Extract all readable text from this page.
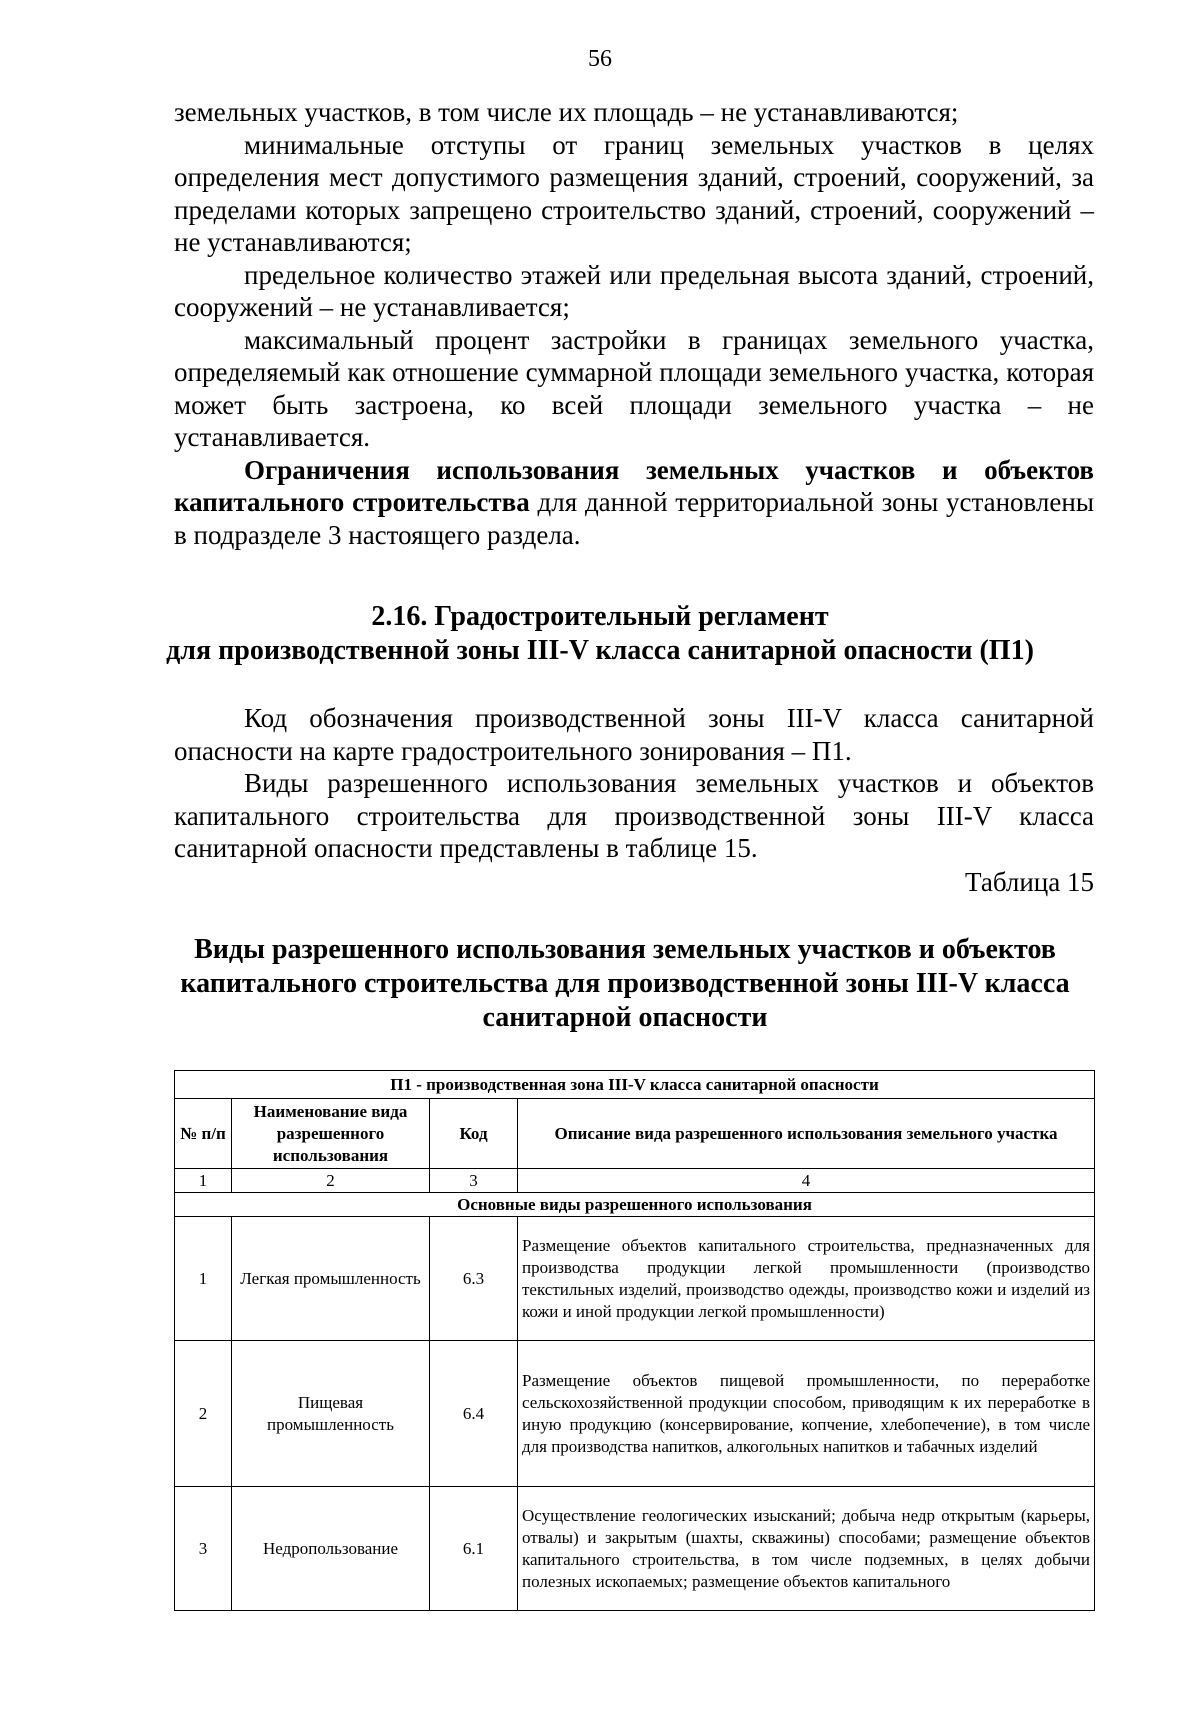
56

земельных участков, в том числе их площадь – не устанавливаются;

минимальные отступы от границ земельных участков в целях определения мест допустимого размещения зданий, строений, сооружений, за пределами которых запрещено строительство зданий, строений, сооружений – не устанавливаются;

предельное количество этажей или предельная высота зданий, строений, сооружений – не устанавливается;

максимальный процент застройки в границах земельного участка, определяемый как отношение суммарной площади земельного участка, которая может быть застроена, ко всей площади земельного участка – не устанавливается.

Ограничения использования земельных участков и объектов капитального строительства для данной территориальной зоны установлены в подразделе 3 настоящего раздела.

2.16. Градостроительный регламент
для производственной зоны III-V класса санитарной опасности (П1)

Код обозначения производственной зоны III-V класса санитарной опасности на карте градостроительного зонирования – П1.

Виды разрешенного использования земельных участков и объектов капитального строительства для производственной зоны III-V класса санитарной опасности представлены в таблице 15.

Таблица 15
Виды разрешенного использования земельных участков и объектов
капитального строительства для производственной зоны III-V класса
санитарной опасности
П1 - производственная зона III-V класса санитарной опасности			
№ п/п	Наименование вида разрешенного использования	Код	Описание вида разрешенного использования земельного участка
1	2	3	4
Основные виды разрешенного использования			
1	Легкая промышленность	6.3	Размещение объектов капитального строительства, предназначенных для производства продукции легкой промышленности (производство текстильных изделий, производство одежды, производство кожи и изделий из кожи и иной продукции легкой промышленности)
2	Пищевая промышленность	6.4	Размещение объектов пищевой промышленности, по переработке сельскохозяйственной продукции способом, приводящим к их переработке в иную продукцию (консервирование, копчение, хлебопечение), в том числе для производства напитков, алкогольных напитков и табачных изделий
3	Недропользование	6.1	Осуществление геологических изысканий; добыча недр открытым (карьеры, отвалы) и закрытым (шахты, скважины) способами; размещение объектов капитального строительства, в том числе подземных, в целях добычи полезных ископаемых; размещение объектов капитального
